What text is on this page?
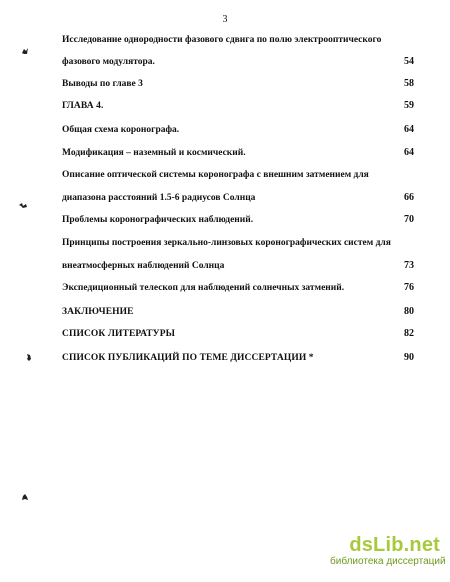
3
Исследование однородности фазового сдвига по полю электрооптического
фазового модулятора.	54
Выводы по главе 3	58
ГЛАВА 4.	59
Общая схема коронографа.	64
Модификация – наземный и космический.	64
Описание оптической системы коронографа с внешним затмением для
диапазона расстояний 1.5-6 радиусов Солнца	66
Проблемы коронографических наблюдений.	70
Принципы построения зеркально-линзовых коронографических систем для
внеатмосферных наблюдений Солнца	73
Экспедиционный телескоп для наблюдений солнечных затмений.	76
ЗАКЛЮЧЕНИЕ	80
СПИСОК ЛИТЕРАТУРЫ	82
СПИСОК ПУБЛИКАЦИЙ ПО ТЕМЕ ДИССЕРТАЦИИ *	90
dsLib.net
библиотека диссертаций
